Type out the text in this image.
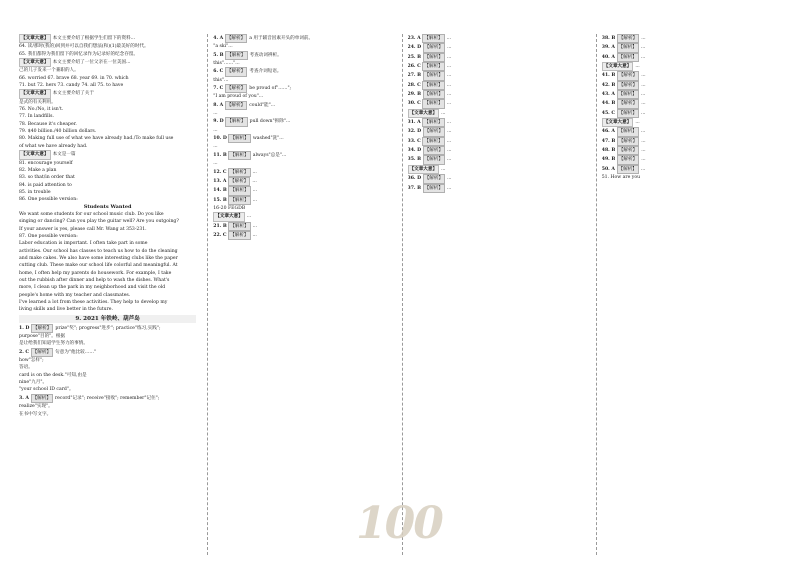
【文章大意】 本文主要介绍了根据学生们留下的资料...
64. 读/那时(我的)回到并可以自我们想法(和)(1)最美好的时代。
65. 我们都得为我们留下的回忆录作为记录好的纪念存留。
【文章大意】 本文主要介绍了一位父亲在一位美国...
己的儿子发来一个兼职的人。
66. worried 67. brave 68. year 69. in 70. which
71. but 72. hers 73. candy 74. all 75. to have
【文章大意】 本文主要介绍了关于
是式的有关利用。
76. No./No, it isn't.
77. In landfills.
78. Because it's cheaper.
79. $40 billion./40 billion dollars.
80. Making full use of what we have already had./To make full use
of what we have already had.
【文章大意】 本文是一篇
81. encourage yourself
82. Make a plan
83. so that/in order that
84. is paid attention to
85. in trouble
86. One possible version:
Students Wanted
We want some students for our school music club. Do you like
singing or dancing? Can you play the guitar well? Are you outgoing?
If your answer is yes, please call Mr. Wang at 353-231.
87. One possible version:
Labor education is important. I often take part in some
activities. Our school has classes to teach us how to do the cleaning
and make cakes. We also have some interesting clubs like the paper
cutting club. These make our school life colorful and meaningful. At
home, I often help my parents do housework. For example, I take
out the rubbish after dinner and help to wash the dishes. What's
more, I clean up the park in my neighborhood and visit the old
people's home with my teacher and classmates.
I've learned a lot from these activities. They help to develop my
living skills and live better in the future.
9. 2021 年铁岭、葫芦岛
1. D 【解析】 prize"奖"; progress"进步"; practice"练习,实践";
purpose"目的"。根据
是让给我们知道学生努力的事情。
2. C 【解析】 句意为"他比较……"
how"怎样";
答语。
card is on the desk."可知,由是
nine"九月"。
"your school ID card"。
3. A 【解析】 record"记录"; receive"接收"; remember"记住";
realize"实现"。
在书中写文字。
4. A 【解析】 a 用于辅音因素开头的单词前。
"a ski"...
5. B 【解析】 考查动词辨析。
this"……"...
6. C 【解析】 考查介词短语。
this"...
7. C 【解析】 be proud of"……";
"I am proud of you"...
8. A 【解析】 could"能"...
...
9. D 【解析】 pull down"拆除"...
...
10. D 【解析】 washed"洗"...
...
11. B 【解析】 always"总是"...
...
12. C 【解析】 ...
13. A 【解析】 ...
14. B 【解析】 ...
15. B 【解析】 ...
16-20 FEGDB
【文章大意】 ...
21. B 【解析】 ...
22. C 【解析】 ...
23. A 【解析】 ...
24. D 【解析】 ...
25. B 【解析】 ...
26. C 【解析】 ...
27. B 【解析】 ...
28. C 【解析】 ...
29. B 【解析】 ...
30. C 【解析】 ...
【文章大意】 ...
31. A 【解析】 ...
32. D 【解析】 ...
33. C 【解析】 ...
34. D 【解析】 ...
35. B 【解析】 ...
【文章大意】 ...
36. D 【解析】 ...
37. B 【解析】 ...
38. B 【解析】 ...
39. A 【解析】 ...
40. A 【解析】 ...
【文章大意】 ...
41. B 【解析】 ...
42. B 【解析】 ...
43. A 【解析】 ...
44. B 【解析】 ...
45. C 【解析】 ...
【文章大意】 ...
46. A 【解析】 ...
47. B 【解析】 ...
48. B 【解析】 ...
49. B 【解析】 ...
50. A 【解析】 ...
51. How are you
100
